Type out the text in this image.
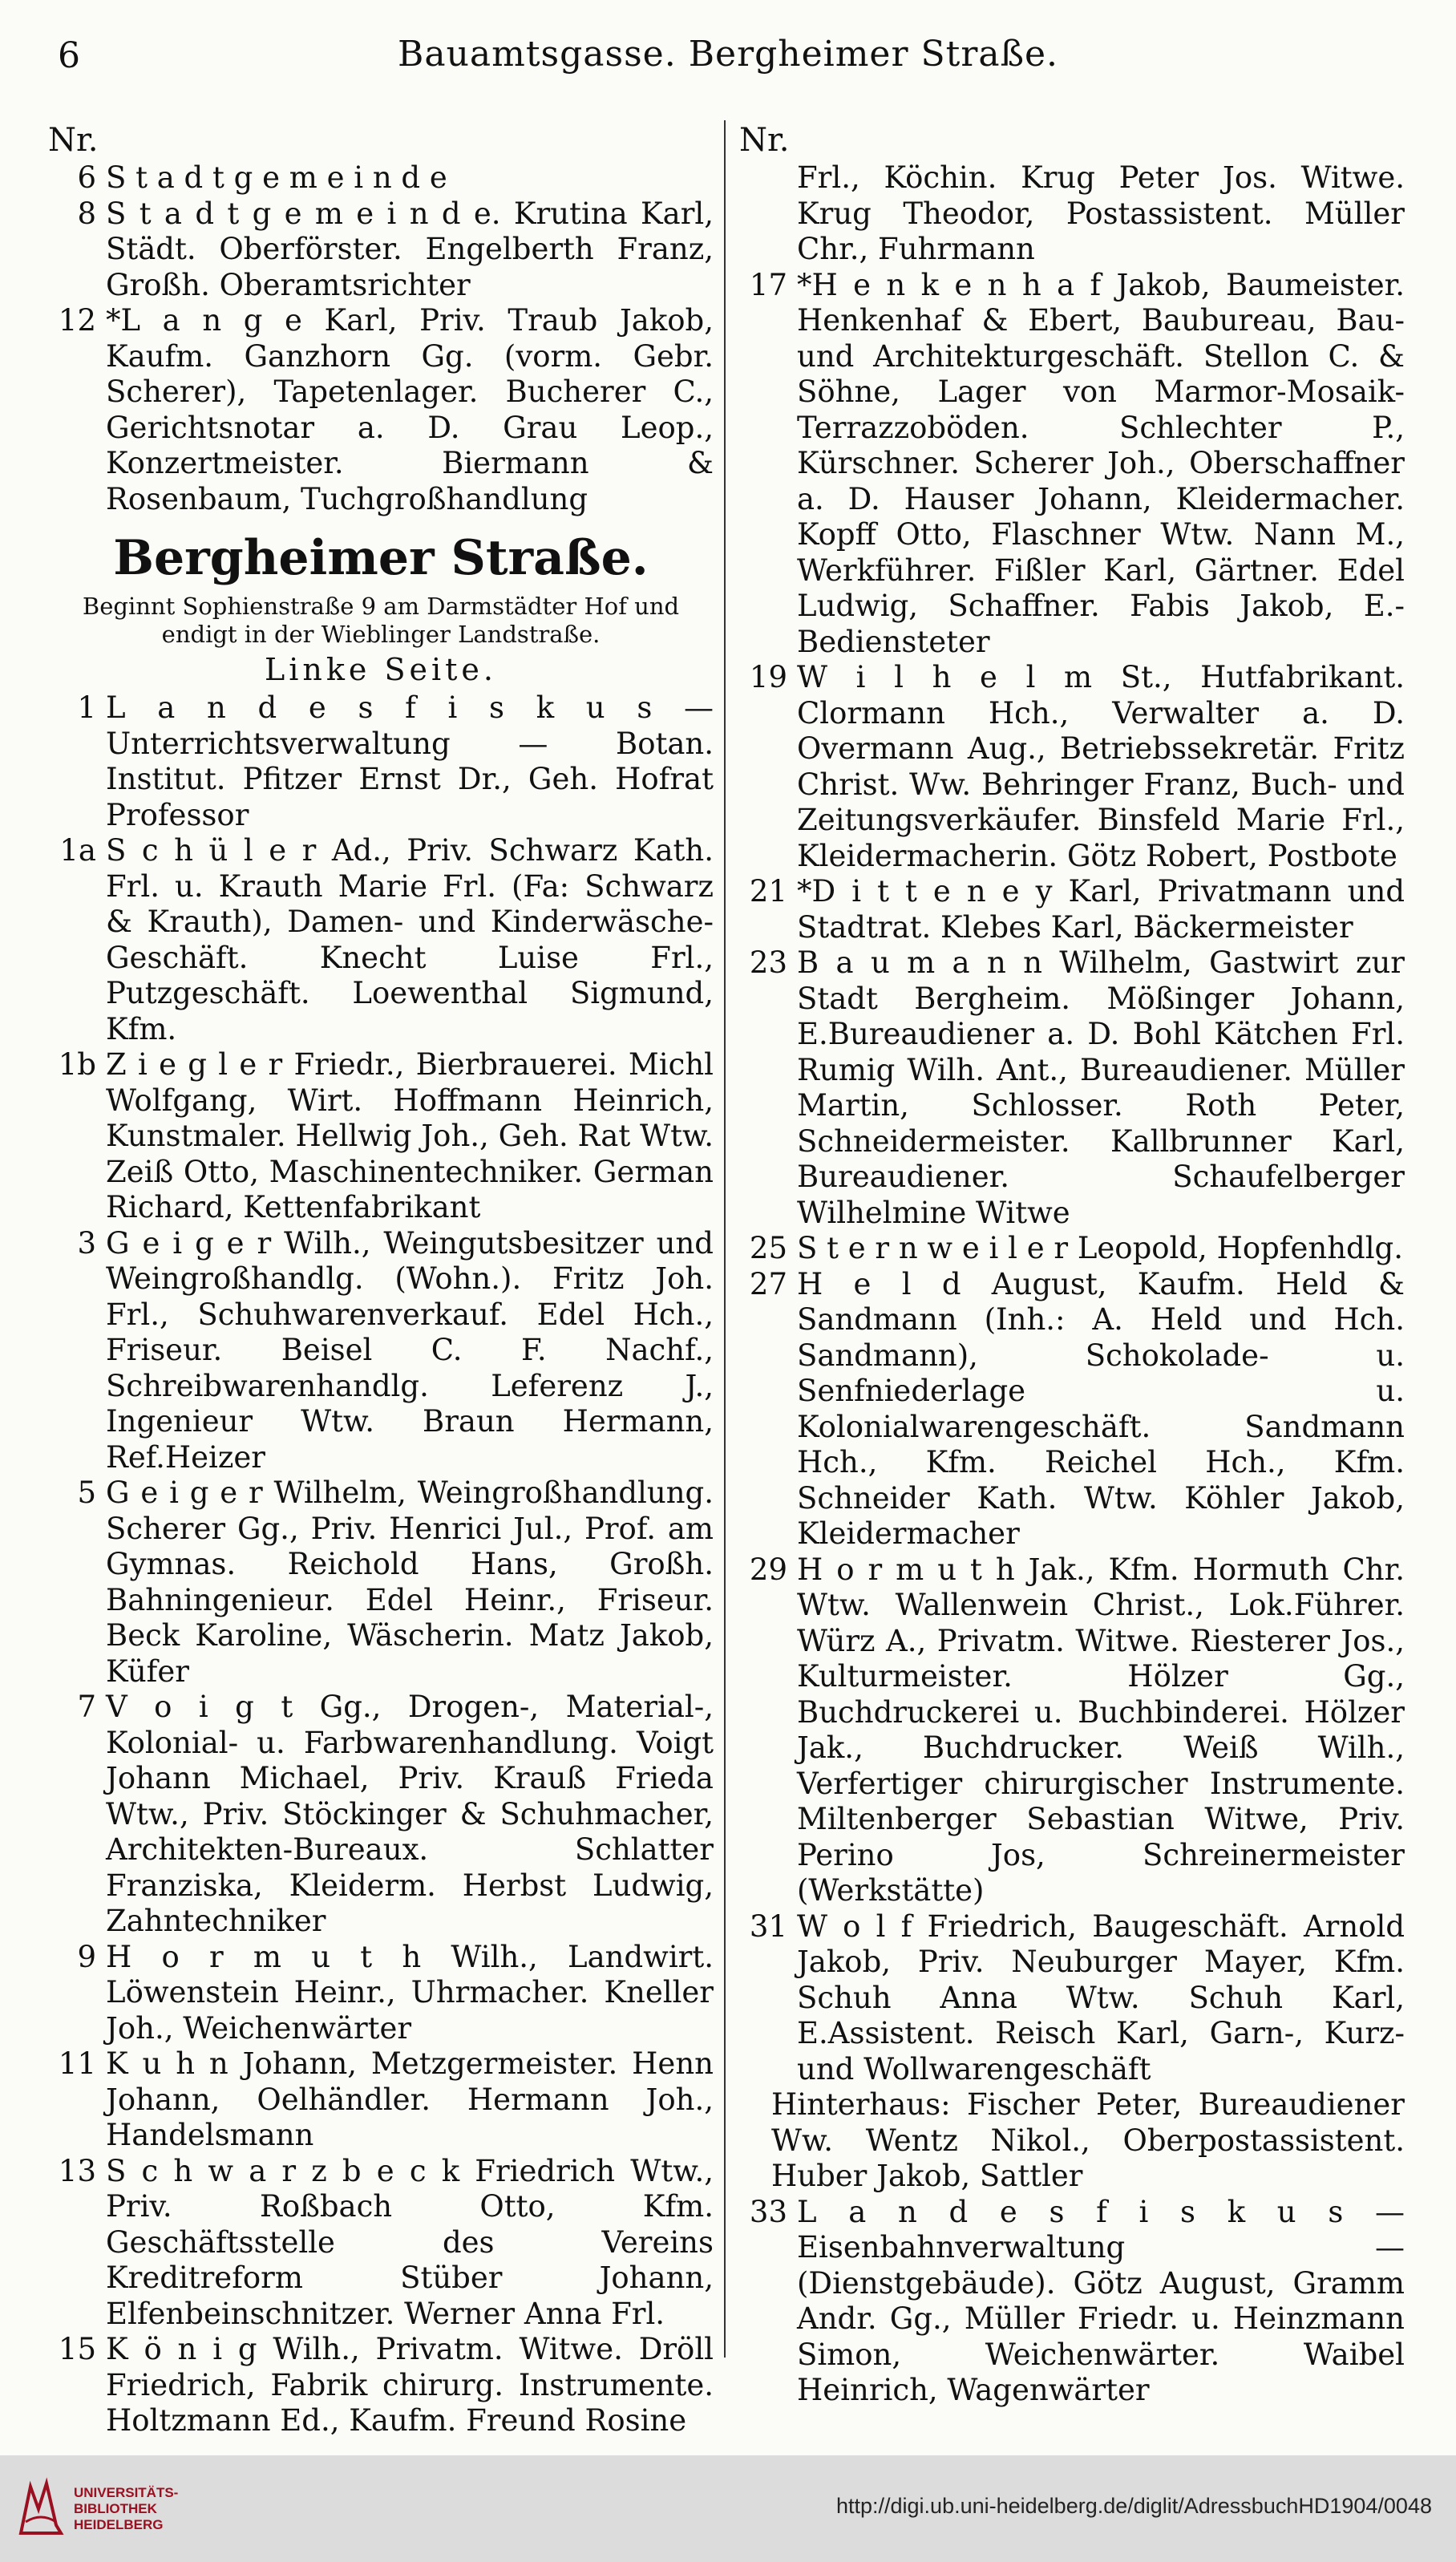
6	Bauamtsgasse. Bergheimer Straße.
Nr.
6 S t a d t g e m e i n d e
8 S t a d t g e m e i n d e. Krutina Karl, Städt. Oberförster. Engelberth Franz, Großh. Oberamtsrichter
12 *L a n g e Karl, Priv. Traub Jakob, Kaufm. Ganzhorn Gg. (vorm. Gebr. Scherer), Tapetenlager. Bucherer C., Gerichtsnotar a. D. Grau Leop., Konzertmeister. Biermann & Rosenbaum, Tuchgroßhandlung
Bergheimer Straße.
Beginnt Sophienstraße 9 am Darmstädter Hof und endigt in der Wieblinger Landstraße.
Linke Seite.
1 L a n d e s f i s k u s — Unterrichtsverwaltung — Botan. Institut. Pfitzer Ernst Dr., Geh. Hofrat Professor
1a S c h ü l e r Ad., Priv. Schwarz Kath. Frl. u. Krauth Marie Frl. (Fa: Schwarz & Krauth), Damen- und Kinderwäsche-Geschäft. Knecht Luise Frl., Putzgeschäft. Loewenthal Sigmund, Kfm.
1b Z i e g l e r Friedr., Bierbrauerei. Michl Wolfgang, Wirt. Hoffmann Heinrich, Kunstmaler. Hellwig Joh., Geh. Rat Wtw. Zeiß Otto, Maschinentechniker. German Richard, Kettenfabrikant
3 G e i g e r Wilh., Weingutsbesitzer und Weingroßhandlg. (Wohn.). Fritz Joh. Frl., Schuhwarenverkauf. Edel Hch., Friseur. Beisel C. F. Nachf., Schreibwarenhandlg. Leferenz J., Ingenieur Wtw. Braun Hermann, Ref.Heizer
5 G e i g e r Wilhelm, Weingroßhandlung. Scherer Gg., Priv. Henrici Jul., Prof. am Gymnas. Reichold Hans, Großh. Bahningenieur. Edel Heinr., Friseur. Beck Karoline, Wäscherin. Matz Jakob, Küfer
7 V o i g t Gg., Drogen-, Material-, Kolonial- u. Farbwarenhandlung. Voigt Johann Michael, Priv. Krauß Frieda Wtw., Priv. Stöckinger & Schuhmacher, Architekten-Bureaux. Schlatter Franziska, Kleiderm. Herbst Ludwig, Zahntechniker
9 H o r m u t h Wilh., Landwirt. Löwenstein Heinr., Uhrmacher. Kneller Joh., Weichenwärter
11 K u h n Johann, Metzgermeister. Henn Johann, Oelhändler. Hermann Joh., Handelsmann
13 S c h w a r z b e c k Friedrich Wtw., Priv. Roßbach Otto, Kfm. Geschäftsstelle des Vereins Kreditreform Stüber Johann, Elfenbeinschnitzer. Werner Anna Frl.
15 K ö n i g Wilh., Privatm. Witwe. Dröll Friedrich, Fabrik chirurg. Instrumente. Holtzmann Ed., Kaufm. Freund Rosine
Nr.
Frl., Köchin. Krug Peter Jos. Witwe. Krug Theodor, Postassistent. Müller Chr., Fuhrmann
17 *H e n k e n h a f Jakob, Baumeister. Henkenhaf & Ebert, Baubureau, Bau- und Architekturgeschäft. Stellon C. & Söhne, Lager von Marmor-Mosaik-Terrazzoböden. Schlechter P., Kürschner. Scherer Joh., Oberschaffner a. D. Hauser Johann, Kleidermacher. Kopff Otto, Flaschner Wtw. Nann M., Werkführer. Fißler Karl, Gärtner. Edel Ludwig, Schaffner. Fabis Jakob, E.-Bediensteter
19 W i l h e l m St., Hutfabrikant. Clormann Hch., Verwalter a. D. Overmann Aug., Betriebssekretär. Fritz Christ. Ww. Behringer Franz, Buch- und Zeitungsverkäufer. Binsfeld Marie Frl., Kleidermacherin. Götz Robert, Postbote
21 *D i t t e n e y Karl, Privatmann und Stadtrat. Klebes Karl, Bäckermeister
23 B a u m a n n Wilhelm, Gastwirt zur Stadt Bergheim. Mößinger Johann, E.Bureaudiener a. D. Bohl Kätchen Frl. Rumig Wilh. Ant., Bureaudiener. Müller Martin, Schlosser. Roth Peter, Schneidermeister. Kallbrunner Karl, Bureaudiener. Schaufelberger Wilhelmine Witwe
25 S t e r n w e i l e r Leopold, Hopfenhdlg.
27 H e l d August, Kaufm. Held & Sandmann (Inh.: A. Held und Hch. Sandmann), Schokolade- u. Senfniederlage u. Kolonialwarengeschäft. Sandmann Hch., Kfm. Reichel Hch., Kfm. Schneider Kath. Wtw. Köhler Jakob, Kleidermacher
29 H o r m u t h Jak., Kfm. Hormuth Chr. Wtw. Wallenwein Christ., Lok.Führer. Würz A., Privatm. Witwe. Riesterer Jos., Kulturmeister. Hölzer Gg., Buchdruckerei u. Buchbinderei. Hölzer Jak., Buchdrucker. Weiß Wilh., Verfertiger chirurgischer Instrumente. Miltenberger Sebastian Witwe, Priv. Perino Jos, Schreinermeister (Werkstätte)
31 W o l f Friedrich, Baugeschäft. Arnold Jakob, Priv. Neuburger Mayer, Kfm. Schuh Anna Wtw. Schuh Karl, E.Assistent. Reisch Karl, Garn-, Kurz- und Wollwarengeschäft
Hinterhaus: Fischer Peter, Bureaudiener Ww. Wentz Nikol., Oberpostassistent. Huber Jakob, Sattler
33 L a n d e s f i s k u s — Eisenbahnverwaltung — (Dienstgebäude). Götz August, Gramm Andr. Gg., Müller Friedr. u. Heinzmann Simon, Weichenwärter. Waibel Heinrich, Wagenwärter
UNIVERSITÄTS-
BIBLIOTHEK
HEIDELBERG
http://digi.ub.uni-heidelberg.de/diglit/AdressbuchHD1904/0048
